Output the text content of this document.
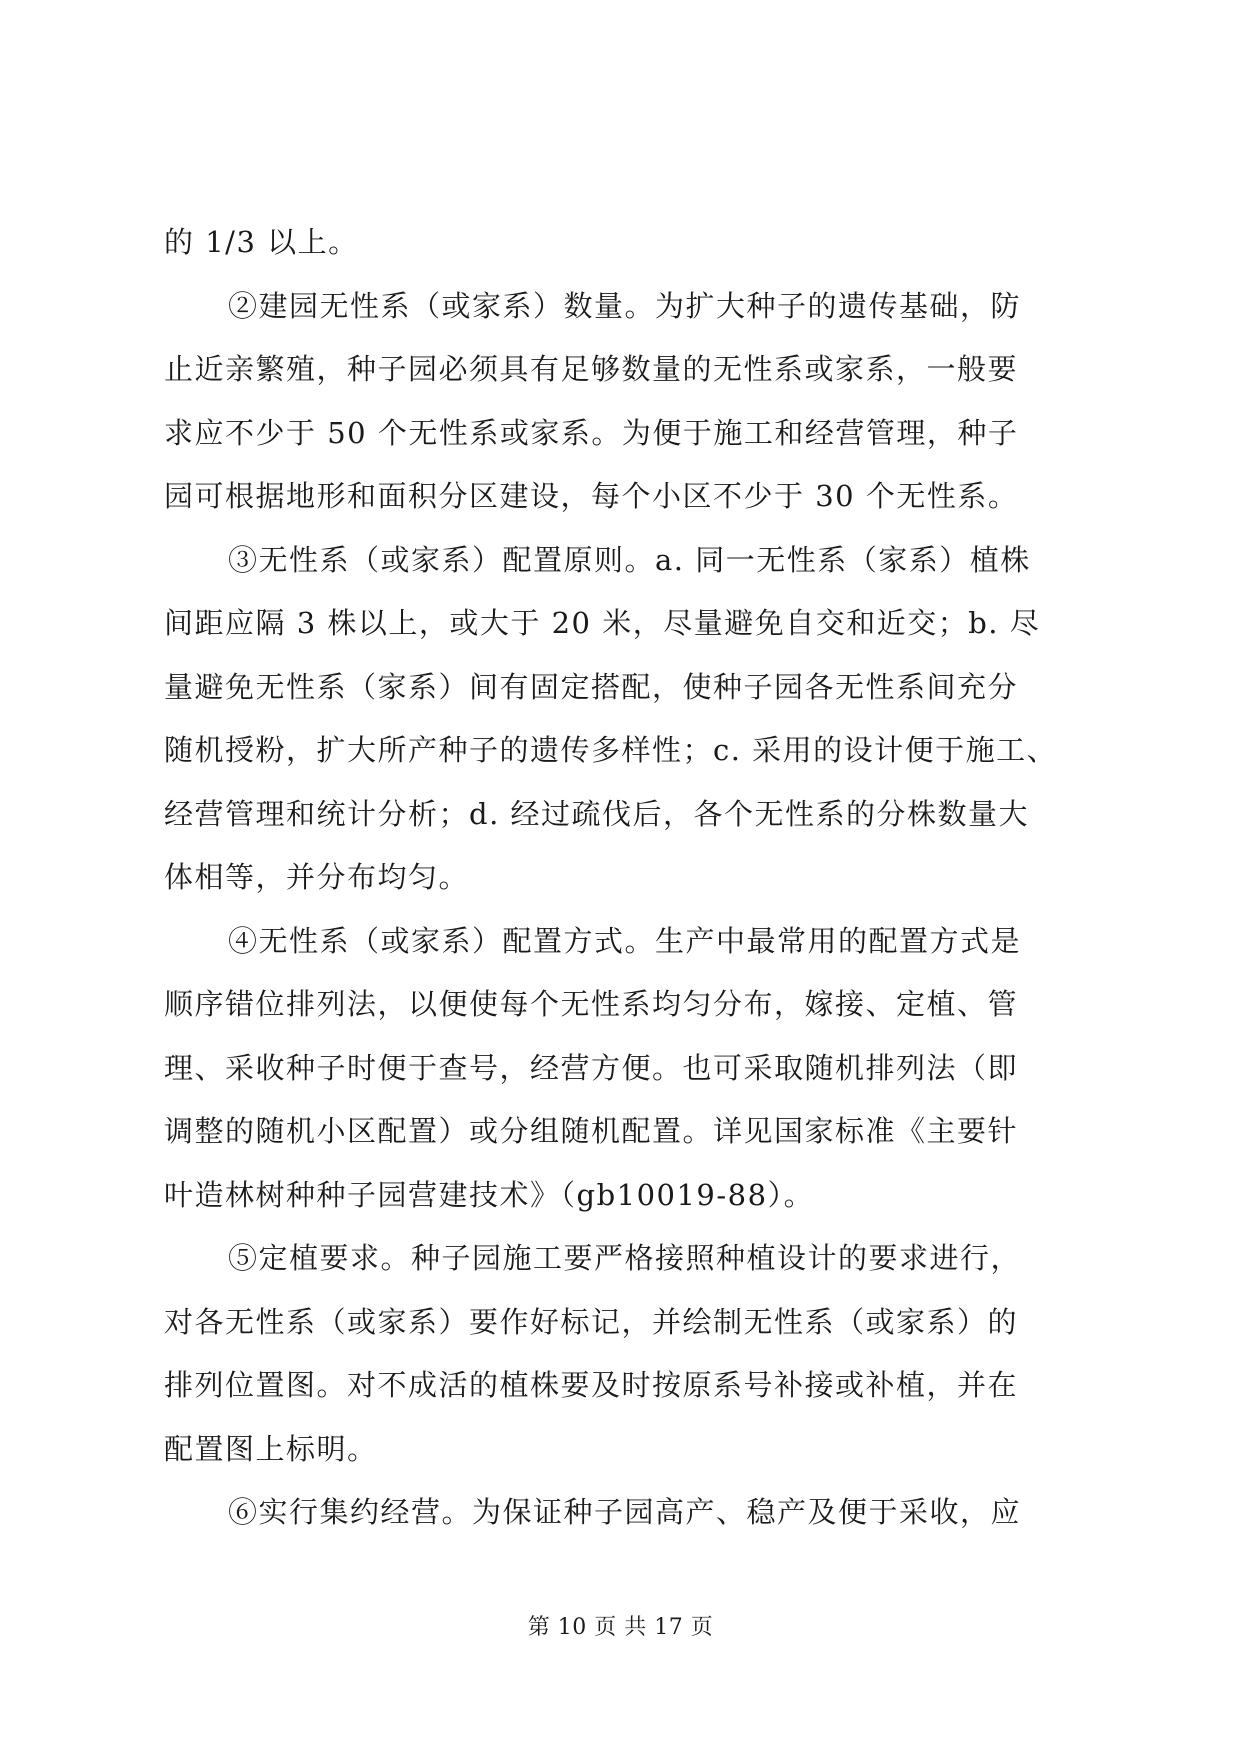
的 1/3 以上。
②建园无性系（或家系）数量。为扩大种子的遗传基础，防
止近亲繁殖，种子园必须具有足够数量的无性系或家系，一般要
求应不少于 50 个无性系或家系。为便于施工和经营管理，种子
园可根据地形和面积分区建设，每个小区不少于 30 个无性系。
③无性系（或家系）配置原则。a. 同一无性系（家系）植株
间距应隔 3 株以上，或大于 20 米，尽量避免自交和近交；b. 尽
量避免无性系（家系）间有固定搭配，使种子园各无性系间充分
随机授粉，扩大所产种子的遗传多样性；c. 采用的设计便于施工、
经营管理和统计分析；d. 经过疏伐后，各个无性系的分株数量大
体相等，并分布均匀。
④无性系（或家系）配置方式。生产中最常用的配置方式是
顺序错位排列法，以便使每个无性系均匀分布，嫁接、定植、管
理、采收种子时便于查号，经营方便。也可采取随机排列法（即
调整的随机小区配置）或分组随机配置。详见国家标准《主要针
叶造林树种种子园营建技术》（gb10019-88）。
⑤定植要求。种子园施工要严格接照种植设计的要求进行，
对各无性系（或家系）要作好标记，并绘制无性系（或家系）的
排列位置图。对不成活的植株要及时按原系号补接或补植，并在
配置图上标明。
⑥实行集约经营。为保证种子园高产、稳产及便于采收，应
第 10 页 共 17 页
